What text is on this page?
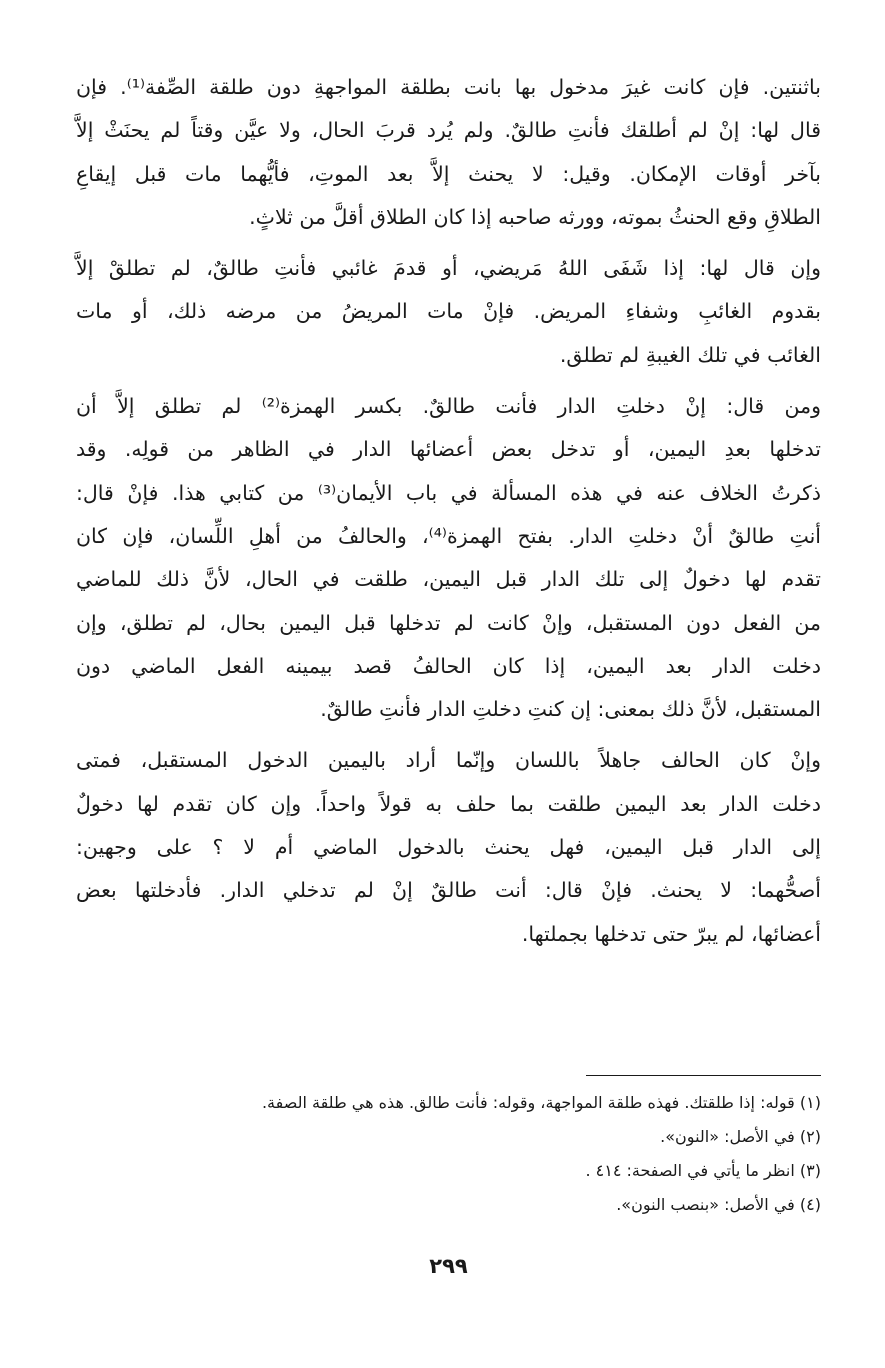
باثنتين. فإن كانت غيرَ مدخول بها بانت بطلقة المواجهةِ دون طلقة الصِّفة⁽¹⁾. فإن
قال لها: إنْ لم أطلقك فأنتِ طالقٌ. ولم يُرد قربَ الحال، ولا عيَّن وقتاً لم يحنَثْ إلاَّ
بآخر أوقات الإمكان. وقيل: لا يحنث إلاَّ بعد الموتِ، فأيُّهما مات قبل إيقاعِ
الطلاقِ وقع الحنثُ بموته، وورثه صاحبه إذا كان الطلاق أقلَّ من ثلاثٍ.

وإن قال لها: إذا شَفَى اللهُ مَريضي، أو قدمَ غائبي فأنتِ طالقٌ، لم تطلقْ إلاَّ
بقدوم الغائبِ وشفاءِ المريض. فإنْ مات المريضُ من مرضه ذلك، أو مات
الغائب في تلك الغيبةِ لم تطلق.

ومن قال: إنْ دخلتِ الدار فأنت طالقٌ. بكسر الهمزة⁽²⁾ لم تطلق إلاَّ أن
تدخلها بعدِ اليمين، أو تدخل بعض أعضائها الدار في الظاهر من قولِه. وقد
ذكرتُ الخلاف عنه في هذه المسألة في باب الأيمان⁽³⁾ من كتابي هذا. فإنْ قال:
أنتِ طالقٌ أنْ دخلتِ الدار. بفتح الهمزة⁽⁴⁾، والحالفُ من أهلِ اللِّسان، فإن كان
تقدم لها دخولٌ إلى تلك الدار قبل اليمين، طلقت في الحال، لأنَّ ذلك للماضي
من الفعل دون المستقبل، وإنْ كانت لم تدخلها قبل اليمين بحال، لم تطلق، وإن
دخلت الدار بعد اليمين، إذا كان الحالفُ قصد بيمينه الفعل الماضي دون
المستقبل، لأنَّ ذلك بمعنى: إن كنتِ دخلتِ الدار فأنتِ طالقٌ.

وإنْ كان الحالف جاهلاً باللسان وإنّما أراد باليمين الدخول المستقبل، فمتى
دخلت الدار بعد اليمين طلقت بما حلف به قولاً واحداً. وإن كان تقدم لها دخولٌ
إلى الدار قبل اليمين، فهل يحنث بالدخول الماضي أم لا ؟ على وجهين:
أصحُّهما: لا يحنث. فإنْ قال: أنت طالقٌ إنْ لم تدخلي الدار. فأدخلتها بعض
أعضائها، لم يبرّ حتى تدخلها بجملتها.

(١) قوله: إذا طلقتك. فهذه طلقة المواجهة، وقوله: فأنت طالق. هذه هي طلقة الصفة.

(٢) في الأصل: «النون».

(٣) انظر ما يأتي في الصفحة: ٤١٤ .

(٤) في الأصل: «بنصب النون».

٢٩٩
